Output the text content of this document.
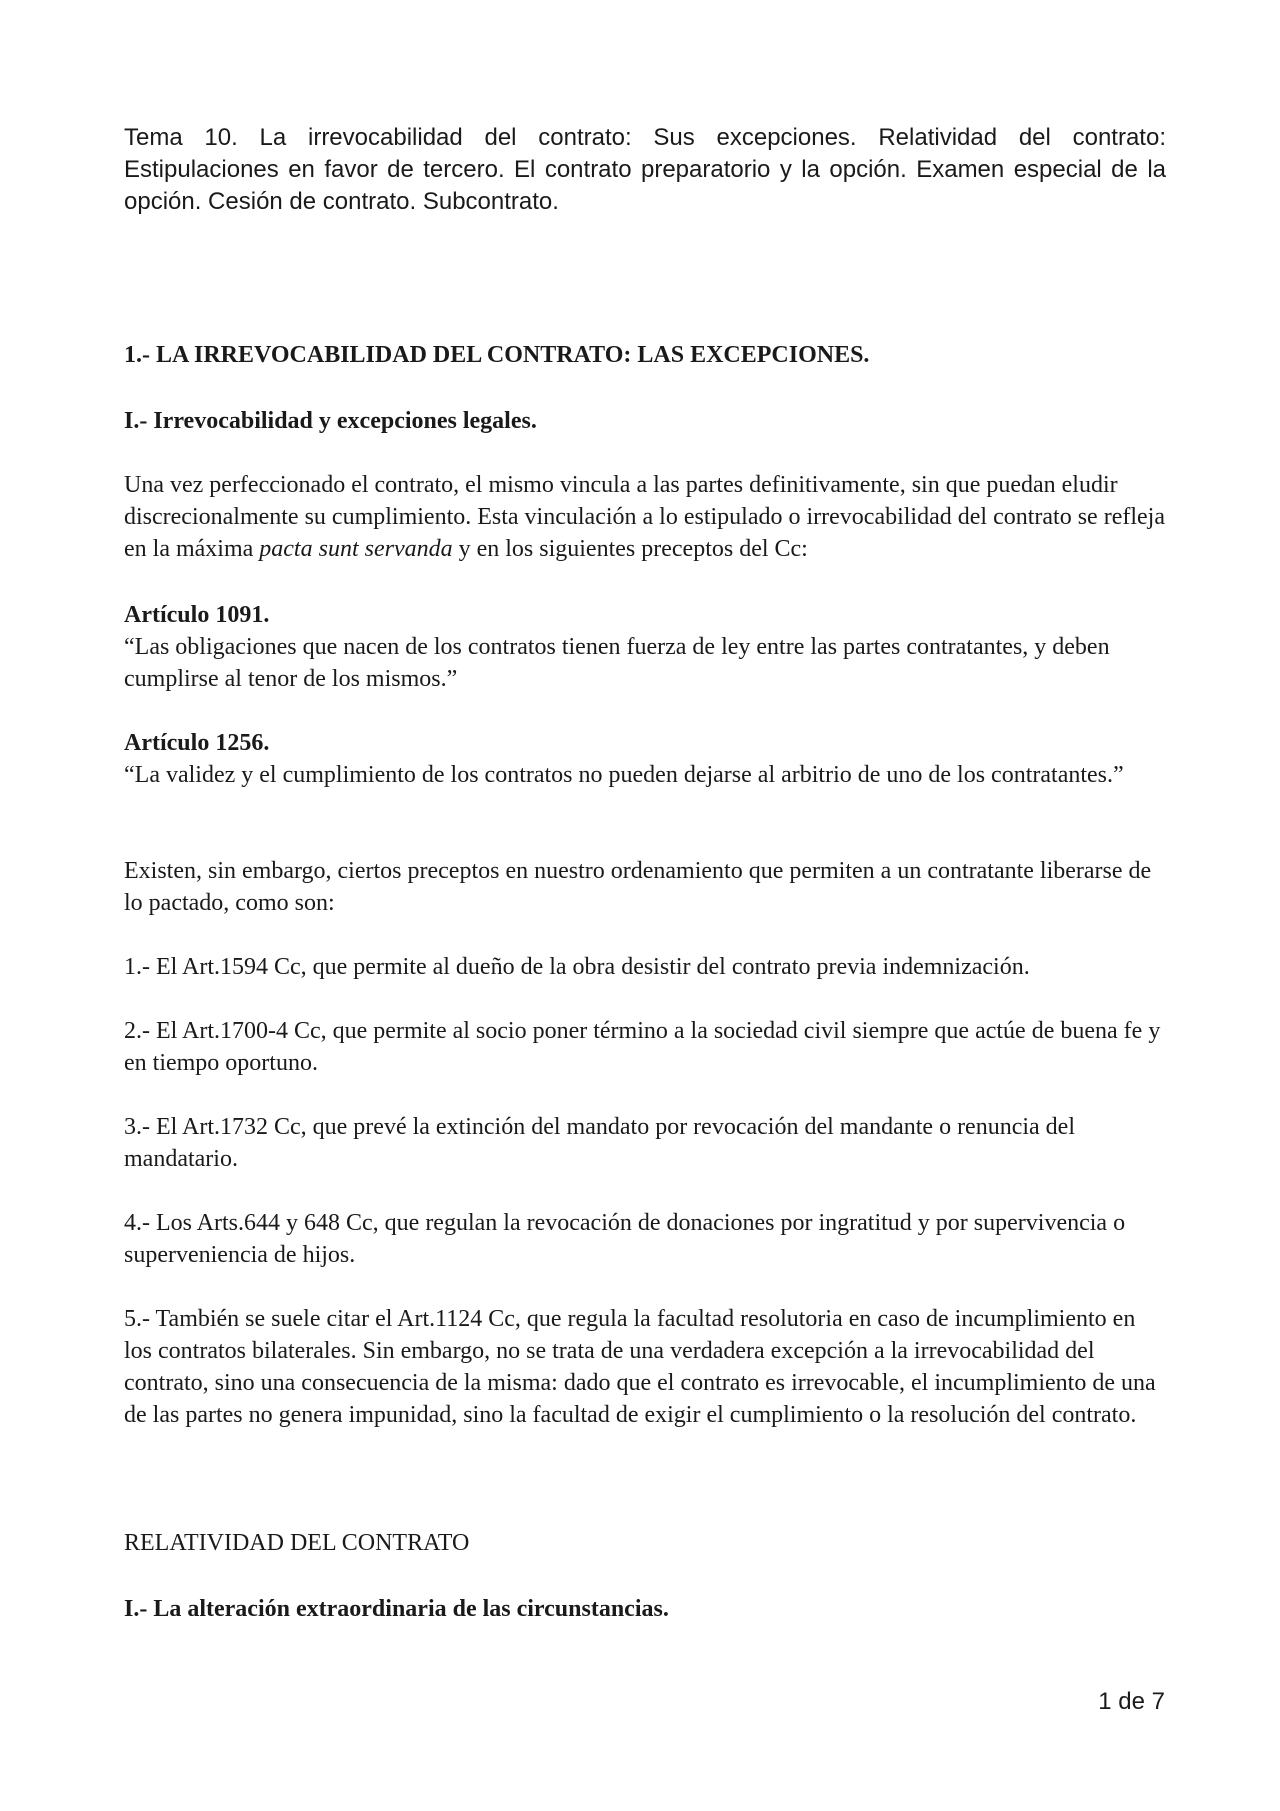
Tema 10. La irrevocabilidad del contrato: Sus excepciones. Relatividad del contrato: Estipulaciones en favor de tercero. El contrato preparatorio y la opción. Examen especial de la opción. Cesión de contrato. Subcontrato.

1.- LA IRREVOCABILIDAD DEL CONTRATO: LAS EXCEPCIONES.

I.- Irrevocabilidad y excepciones legales.

Una vez perfeccionado el contrato, el mismo vincula a las partes definitivamente, sin que puedan eludir discrecionalmente su cumplimiento. Esta vinculación a lo estipulado o irrevocabilidad del contrato se refleja en la máxima pacta sunt servanda y en los siguientes preceptos del Cc:

Artículo 1091.

“Las obligaciones que nacen de los contratos tienen fuerza de ley entre las partes contratantes, y deben cumplirse al tenor de los mismos.”

Artículo 1256.

“La validez y el cumplimiento de los contratos no pueden dejarse al arbitrio de uno de los contratantes.”

Existen, sin embargo, ciertos preceptos en nuestro ordenamiento que permiten a un contratante liberarse de lo pactado, como son:

1.- El Art.1594 Cc, que permite al dueño de la obra desistir del contrato previa indemnización.

2.- El Art.1700-4 Cc, que permite al socio poner término a la sociedad civil siempre que actúe de buena fe y en tiempo oportuno.

3.- El Art.1732 Cc, que prevé la extinción del mandato por revocación del mandante o renuncia del mandatario.

4.- Los Arts.644 y 648 Cc, que regulan la revocación de donaciones por ingratitud y por supervivencia o superveniencia de hijos.

5.- También se suele citar el Art.1124 Cc, que regula la facultad resolutoria en caso de incumplimiento en los contratos bilaterales. Sin embargo, no se trata de una verdadera excepción a la irrevocabilidad del contrato, sino una consecuencia de la misma: dado que el contrato es irrevocable, el incumplimiento de una de las partes no genera impunidad, sino la facultad de exigir el cumplimiento o la resolución del contrato.

RELATIVIDAD DEL CONTRATO

I.- La alteración extraordinaria de las circunstancias.

1 de 7
